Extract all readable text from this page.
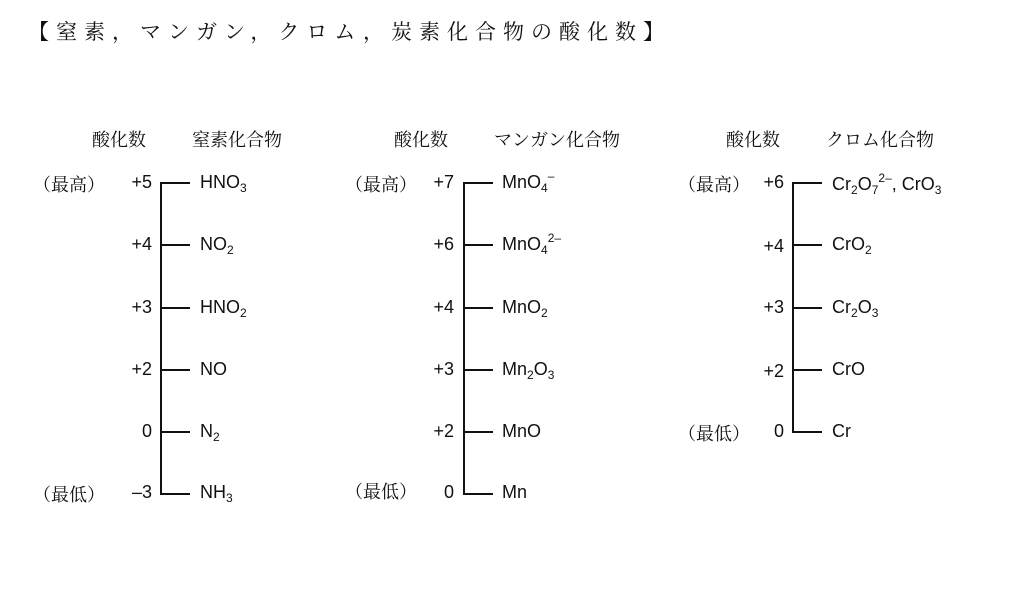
【窒素，マンガン，クロム，炭素化合物の酸化数】
酸化数	窒素化合物
（最高）	+5	$HNO_3$
+4	$NO_2$
+3	$HNO_2$
+2	NO
0	$N_2$
（最低）	–3	$NH_3$
酸化数	マンガン化合物
（最高） +7	MnO$_4$–
+6	MnO$_4^{2-}$
+4	MnO$_2$
+3	$Mn_2O_3$
+2	MnO
（最低）	0	Mn
酸化数	クロム化合物
（最高） +6	$Cr_2O_7^{2-}$, CrO$_3$
+4	CrO$_2$
+3	$Cr_2O_3$
+2	CrO
（最低）	0	Cr
